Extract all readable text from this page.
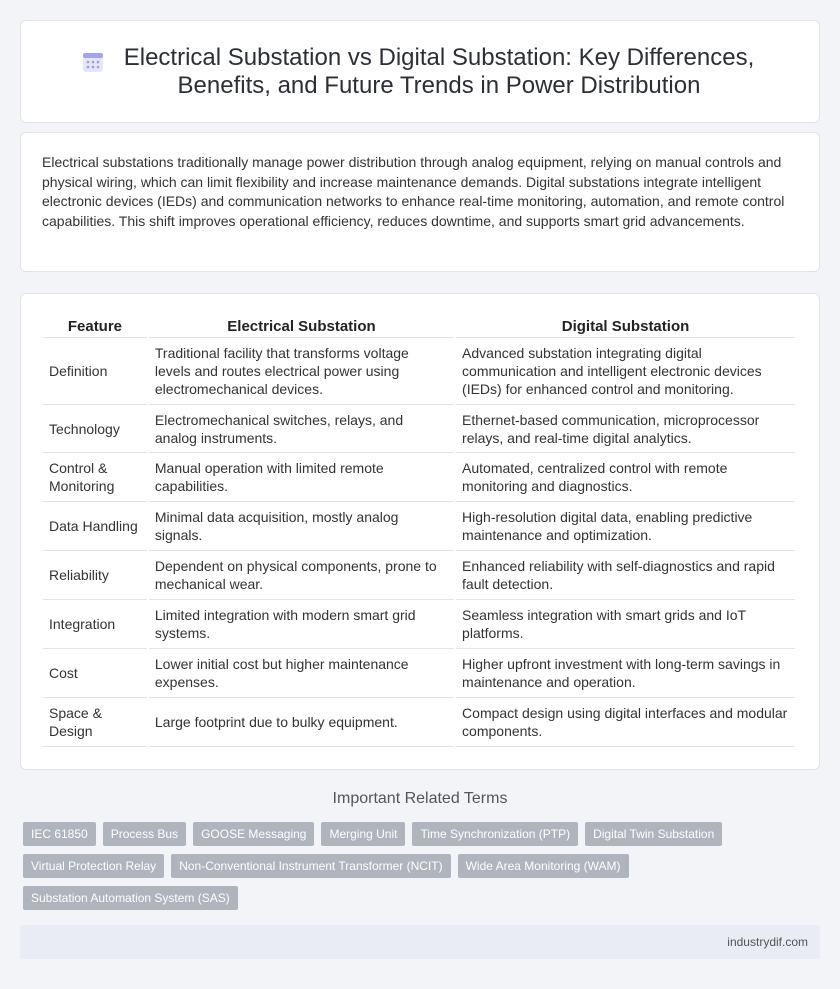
Electrical Substation vs Digital Substation: Key Differences, Benefits, and Future Trends in Power Distribution

Electrical substations traditionally manage power distribution through analog equipment, relying on manual controls and physical wiring, which can limit flexibility and increase maintenance demands. Digital substations integrate intelligent electronic devices (IEDs) and communication networks to enhance real-time monitoring, automation, and remote control capabilities. This shift improves operational efficiency, reduces downtime, and supports smart grid advancements.

Feature	Electrical Substation	Digital Substation
Definition	Traditional facility that transforms voltage levels and routes electrical power using electromechanical devices.	Advanced substation integrating digital communication and intelligent electronic devices (IEDs) for enhanced control and monitoring.
Technology	Electromechanical switches, relays, and analog instruments.	Ethernet-based communication, microprocessor relays, and real-time digital analytics.
Control & Monitoring	Manual operation with limited remote capabilities.	Automated, centralized control with remote monitoring and diagnostics.
Data Handling	Minimal data acquisition, mostly analog signals.	High-resolution digital data, enabling predictive maintenance and optimization.
Reliability	Dependent on physical components, prone to mechanical wear.	Enhanced reliability with self-diagnostics and rapid fault detection.
Integration	Limited integration with modern smart grid systems.	Seamless integration with smart grids and IoT platforms.
Cost	Lower initial cost but higher maintenance expenses.	Higher upfront investment with long-term savings in maintenance and operation.
Space & Design	Large footprint due to bulky equipment.	Compact design using digital interfaces and modular components.
Important Related Terms
IEC 61850	Process Bus	GOOSE Messaging	Merging Unit	Time Synchronization (PTP)	Digital Twin Substation
Virtual Protection Relay	Non-Conventional Instrument Transformer (NCIT)	Wide Area Monitoring (WAM)
Substation Automation System (SAS)
industrydif.com
